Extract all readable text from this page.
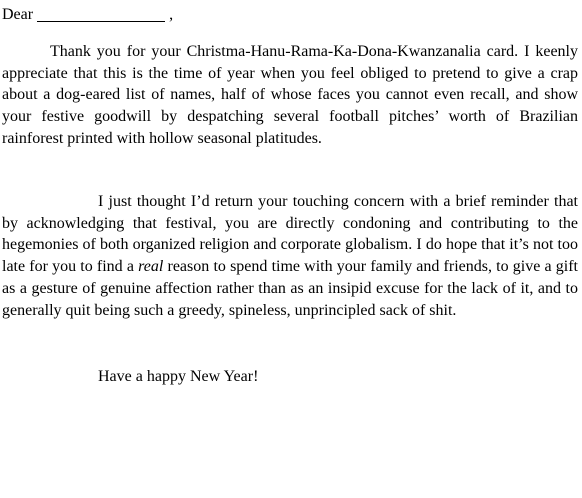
Dear	,

Thank you for your Christma-Hanu-Rama-Ka-Dona-Kwanzanalia card. I keenly appreciate that this is the time of year when you feel obliged to pretend to give a crap about a dog-eared list of names, half of whose faces you cannot even recall, and show your festive goodwill by despatching several football pitches’ worth of Brazilian rainforest printed with hollow seasonal platitudes.

I just thought I’d return your touching concern with a brief reminder that by acknowledging that festival, you are directly condoning and contributing to the hegemonies of both organized religion and corporate globalism. I do hope that it’s not too late for you to find a real reason to spend time with your family and friends, to give a gift as a gesture of genuine affection rather than as an insipid excuse for the lack of it, and to generally quit being such a greedy, spineless, unprincipled sack of shit.

Have a happy New Year!
